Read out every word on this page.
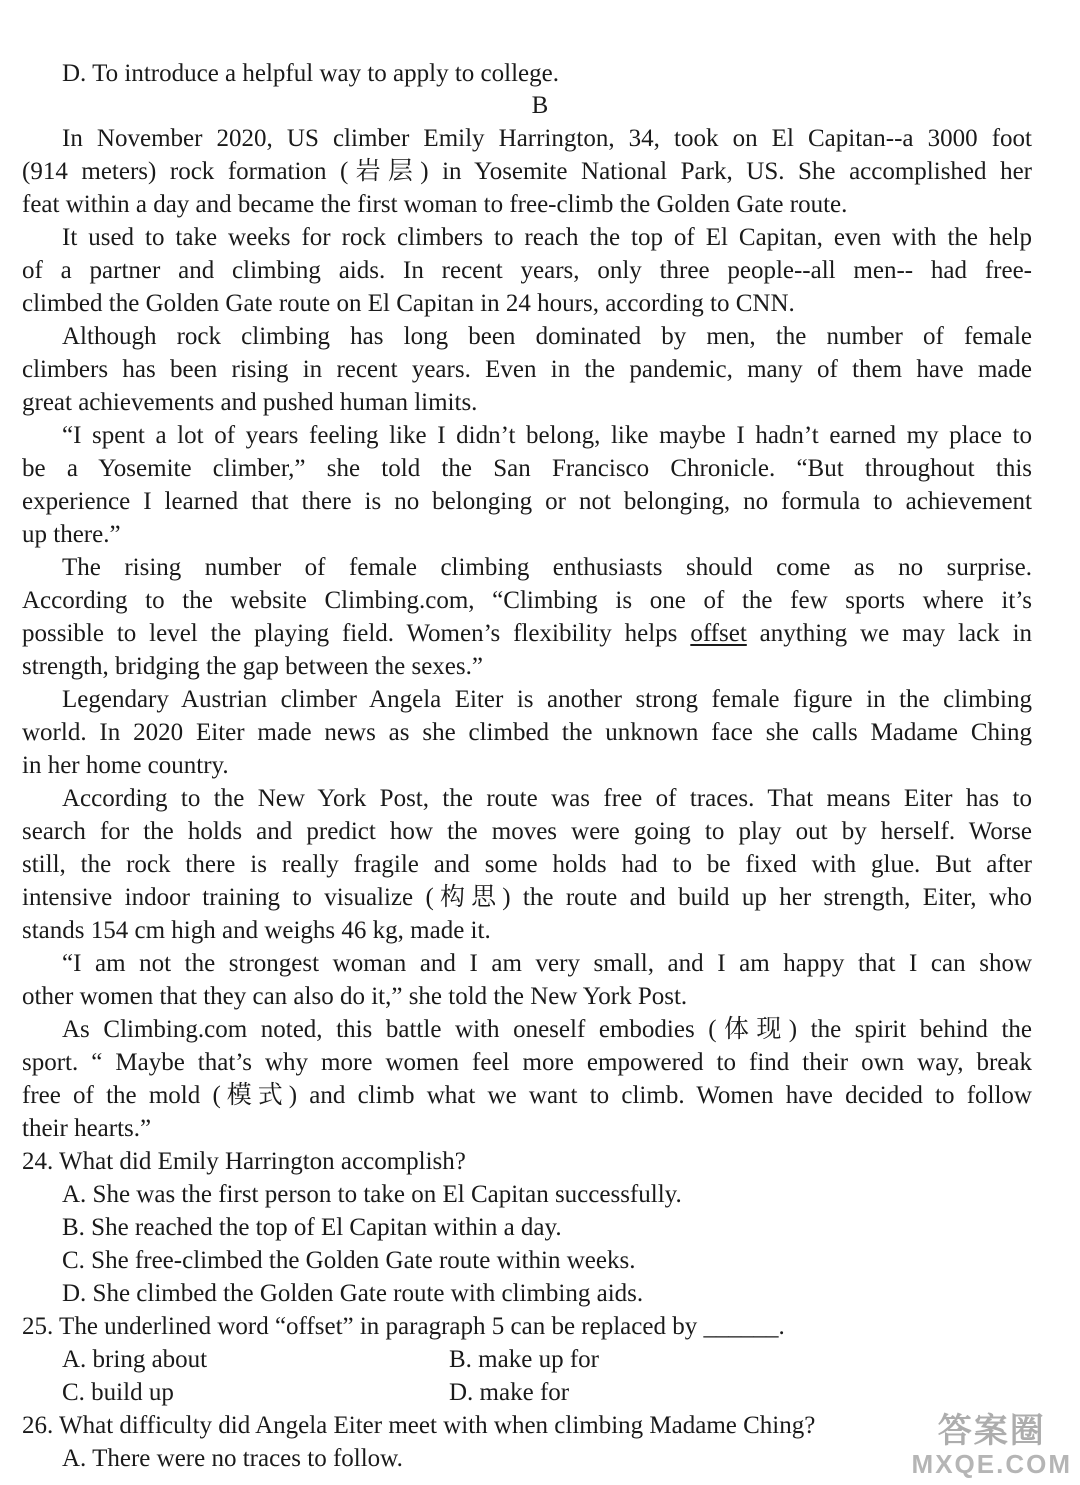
D. To introduce a helpful way to apply to college.
B
In November 2020, US climber Emily Harrington, 34, took on El Capitan--a 3000 foot
(914 meters) rock formation (岩层) in Yosemite National Park, US. She accomplished her
feat within a day and became the first woman to free-climb the Golden Gate route.
It used to take weeks for rock climbers to reach the top of El Capitan, even with the help
of a partner and climbing aids. In recent years, only three people--all men-- had free-
climbed the Golden Gate route on El Capitan in 24 hours, according to CNN.
Although rock climbing has long been dominated by men, the number of female
climbers has been rising in recent years. Even in the pandemic, many of them have made
great achievements and pushed human limits.
“I spent a lot of years feeling like I didn’t belong, like maybe I hadn’t earned my place to
be a Yosemite climber,” she told the San Francisco Chronicle. “But throughout this
experience I learned that there is no belonging or not belonging, no formula to achievement
up there.”
The rising number of female climbing enthusiasts should come as no surprise.
According to the website Climbing.com, “Climbing is one of the few sports where it’s
possible to level the playing field. Women’s flexibility helps offset anything we may lack in
strength, bridging the gap between the sexes.”
Legendary Austrian climber Angela Eiter is another strong female figure in the climbing
world. In 2020 Eiter made news as she climbed the unknown face she calls Madame Ching
in her home country.
According to the New York Post, the route was free of traces. That means Eiter has to
search for the holds and predict how the moves were going to play out by herself. Worse
still, the rock there is really fragile and some holds had to be fixed with glue. But after
intensive indoor training to visualize (构思) the route and build up her strength, Eiter, who
stands 154 cm high and weighs 46 kg, made it.
“I am not the strongest woman and I am very small, and I am happy that I can show
other women that they can also do it,” she told the New York Post.
As Climbing.com noted, this battle with oneself embodies (体现) the spirit behind the
sport. “ Maybe that’s why more women feel more empowered to find their own way, break
free of the mold (模式) and climb what we want to climb. Women have decided to follow
their hearts.”
24. What did Emily Harrington accomplish?
A. She was the first person to take on El Capitan successfully.
B. She reached the top of El Capitan within a day.
C. She free-climbed the Golden Gate route within weeks.
D. She climbed the Golden Gate route with climbing aids.
25. The underlined word “offset” in paragraph 5 can be replaced by ______.
A. bring about	B. make up for
C. build up	D. make for
26. What difficulty did Angela Eiter meet with when climbing Madame Ching?
A. There were no traces to follow.
答案圈
MXQE.COM
